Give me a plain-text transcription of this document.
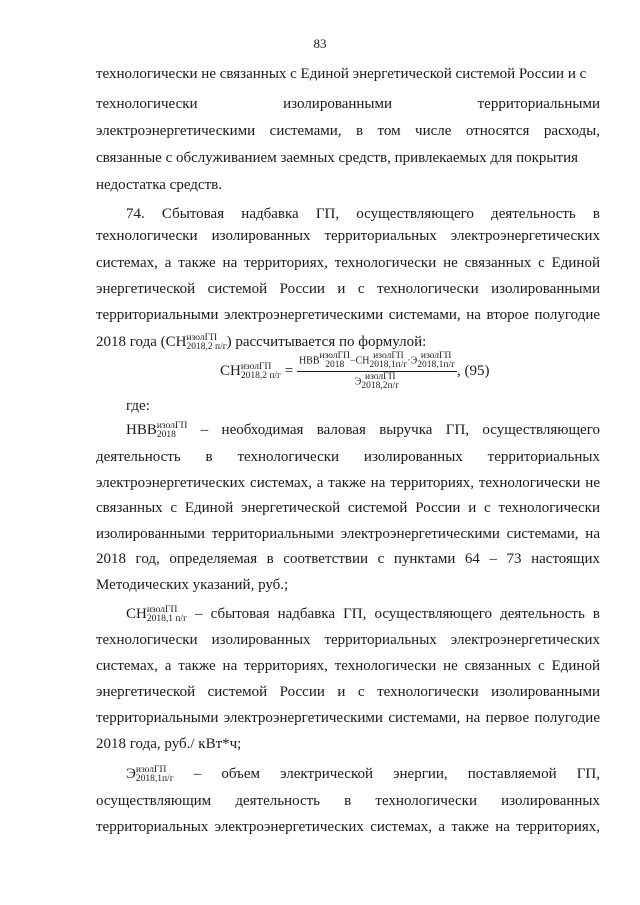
83
технологически не связанных с Единой энергетической системой России и с
технологически изолированными территориальными
электроэнергетическими системами, в том числе относятся расходы,
связанные с обслуживанием заемных средств, привлекаемых для покрытия
недостатка средств.
74. Сбытовая надбавка ГП, осуществляющего деятельность в
технологически изолированных территориальных электроэнергетических
системах, а также на территориях, технологически не связанных с Единой
энергетической системой России и с технологически изолированными
территориальными электроэнергетическими системами, на второе полугодие
2018 года (СН изолГП
2018,2 п/г ) рассчитывается по формулой:
СН изолГП
2018,2 п/г = НВВ изолГП
2018 −СН изолГП
2018,1п/г ·Э изолГП
2018,1п/г
Э изолГП
2018,2п/г , (95)
где:
НВВ изолГП
2018 – необходимая валовая выручка ГП, осуществляющего
деятельность в технологически изолированных территориальных
электроэнергетических системах, а также на территориях, технологически не
связанных с Единой энергетической системой России и с технологически
изолированными территориальными электроэнергетическими системами, на
2018 год, определяемая в соответствии с пунктами 64 – 73 настоящих
Методических указаний, руб.;
СН изолГП
2018,1 п/г – сбытовая надбавка ГП, осуществляющего деятельность в
технологически изолированных территориальных электроэнергетических
системах, а также на территориях, технологически не связанных с Единой
энергетической системой России и с технологически изолированными
территориальными электроэнергетическими системами, на первое полугодие
2018 года, руб./ кВт*ч;
Э изолГП
2018,1п/г – объем электрической энергии, поставляемой ГП,
осуществляющим деятельность в технологически изолированных
территориальных электроэнергетических системах, а также на территориях,
